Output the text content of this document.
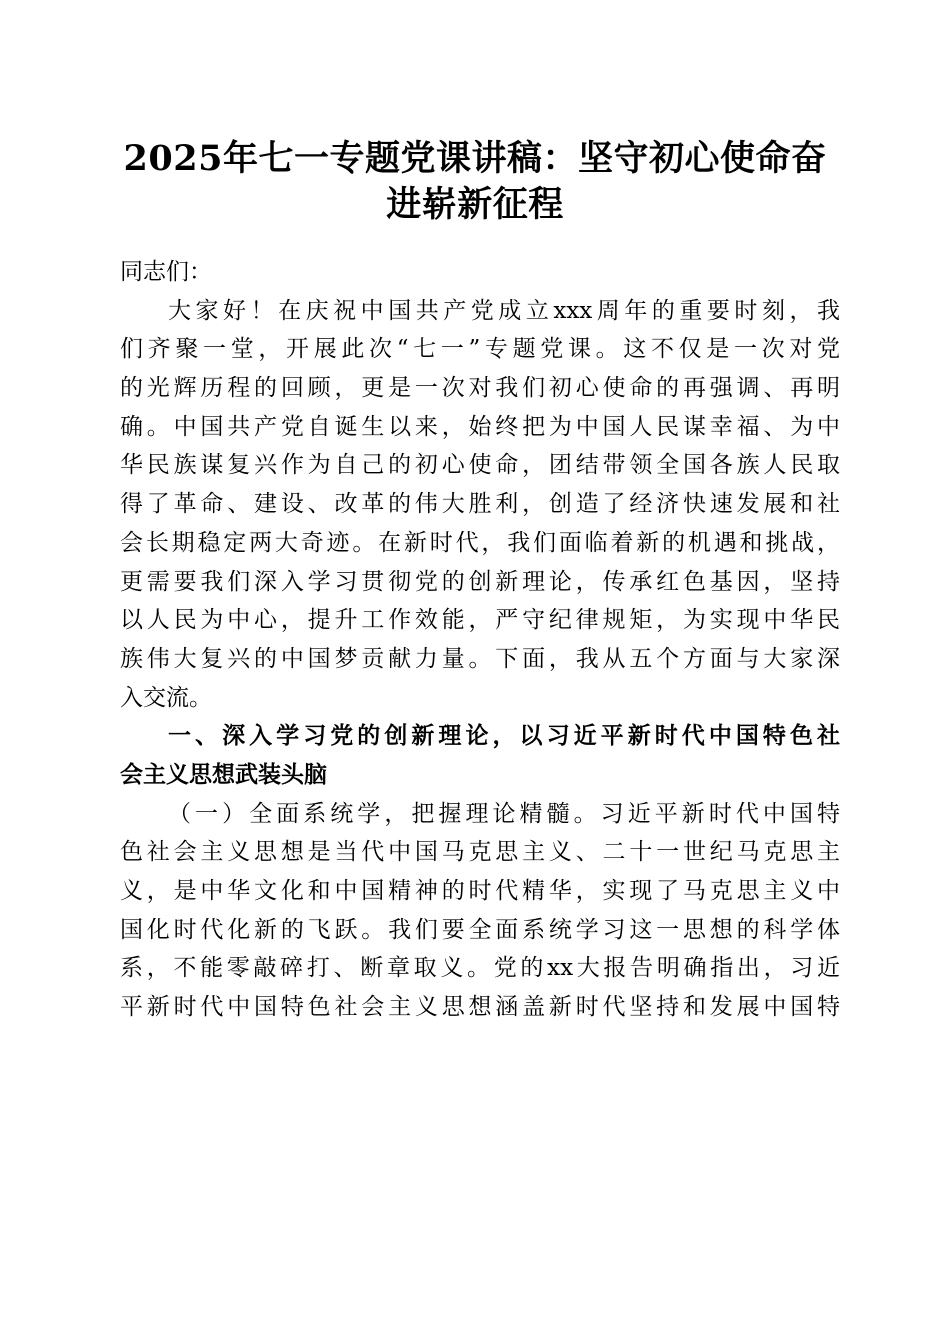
2025年七一专题党课讲稿：坚守初心使命奋
进崭新征程
同志们：
大家好！在庆祝中国共产党成立xxx周年的重要时刻，我
们齐聚一堂，开展此次“七一”专题党课。这不仅是一次对党
的光辉历程的回顾，更是一次对我们初心使命的再强调、再明
确。中国共产党自诞生以来，始终把为中国人民谋幸福、为中
华民族谋复兴作为自己的初心使命，团结带领全国各族人民取
得了革命、建设、改革的伟大胜利，创造了经济快速发展和社
会长期稳定两大奇迹。在新时代，我们面临着新的机遇和挑战，
更需要我们深入学习贯彻党的创新理论，传承红色基因，坚持
以人民为中心，提升工作效能，严守纪律规矩，为实现中华民
族伟大复兴的中国梦贡献力量。下面，我从五个方面与大家深
入交流。
一、深入学习党的创新理论，以习近平新时代中国特色社
会主义思想武装头脑
（一）全面系统学，把握理论精髓。习近平新时代中国特
色社会主义思想是当代中国马克思主义、二十一世纪马克思主
义，是中华文化和中国精神的时代精华，实现了马克思主义中
国化时代化新的飞跃。我们要全面系统学习这一思想的科学体
系，不能零敲碎打、断章取义。党的xx大报告明确指出，习近
平新时代中国特色社会主义思想涵盖新时代坚持和发展中国特
